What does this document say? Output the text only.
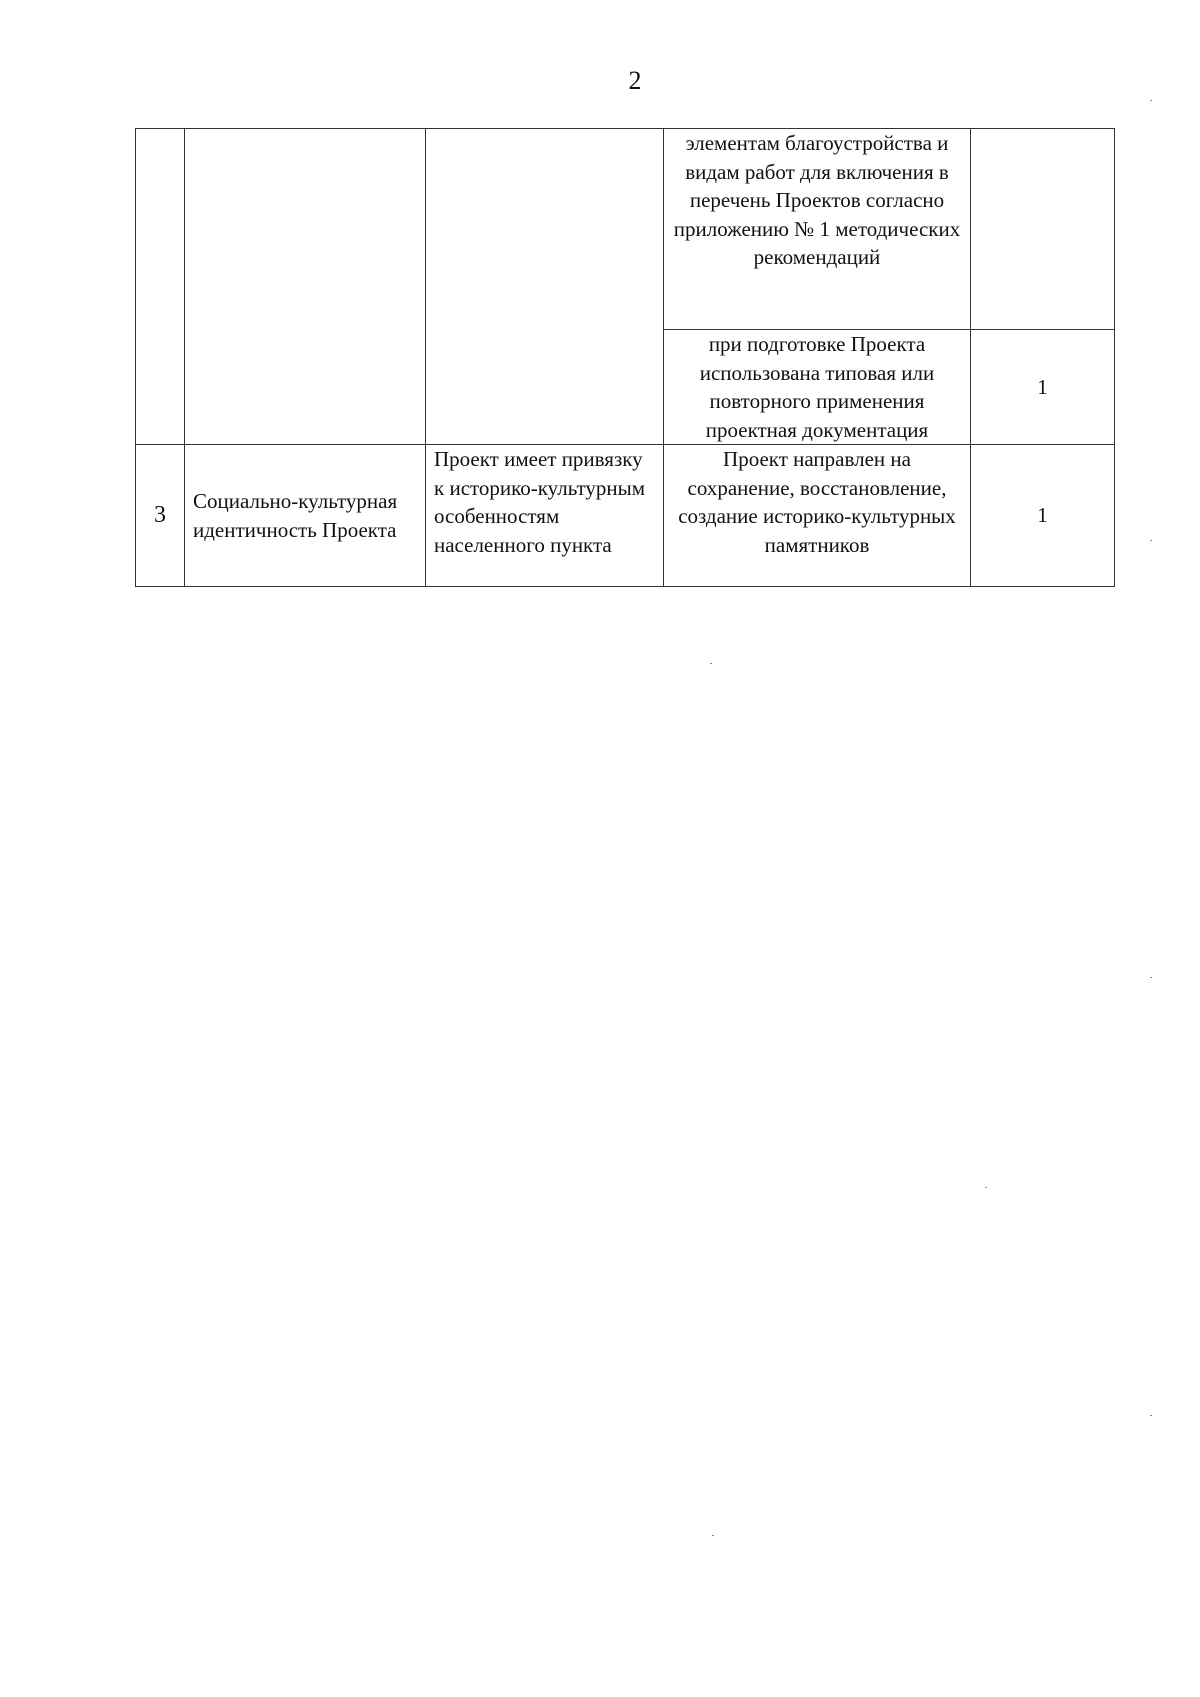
2
			элементам благоустройства и видам работ для включения в перечень Проектов согласно приложению № 1 методических рекомендаций	
			при подготовке Проекта использована типовая или повторного применения проектная документация	1
3	Социально-культурная идентичность Проекта	Проект имеет привязку к историко-культурным особенностям населенного пункта	Проект направлен на сохранение, восстановление, создание историко-культурных памятников	1
